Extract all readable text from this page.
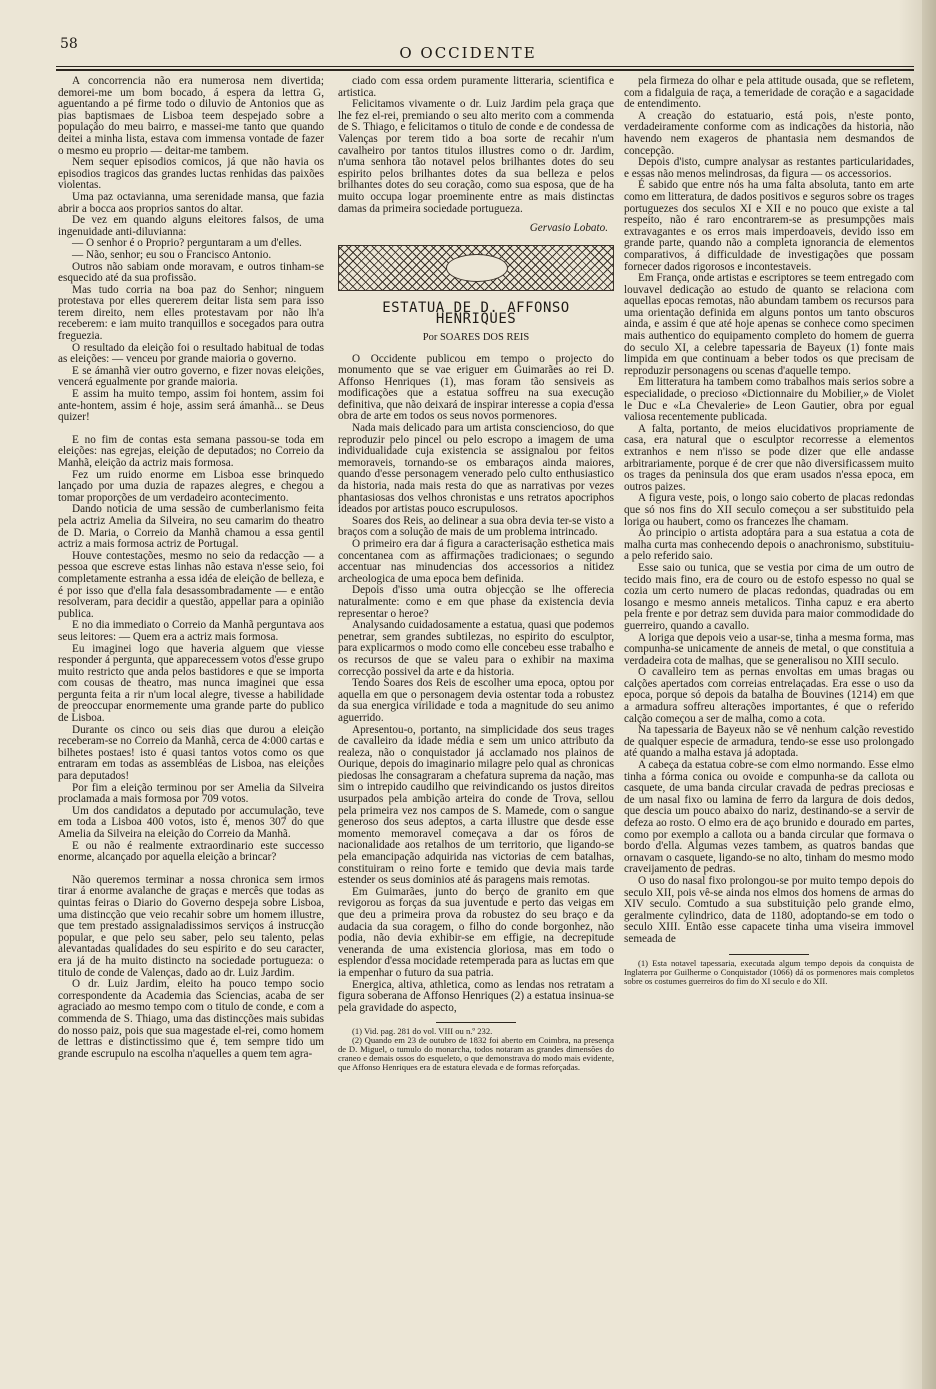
58	O OCCIDENTE

A concorrencia não era numerosa nem divertida; demorei-me um bom bocado, á espera da lettra G, aguentando a pé firme todo o diluvio de Antonios que as pias baptismaes de Lisboa teem despejado sobre a população do meu bairro, e massei-me tanto que quando deitei a minha lista, estava com immensa vontade de fazer o mesmo eu proprio — deitar-me tambem.

Nem sequer episodios comicos, já que não havia os episodios tragicos das grandes luctas renhidas das paixões violentas.

Uma paz octavianna, uma serenidade mansa, que fazia abrir a bocca aos proprios santos do altar.

De vez em quando alguns eleitores falsos, de uma ingenuidade anti-diluvianna:

— O senhor é o Proprio? perguntaram a um d'elles.

— Não, senhor; eu sou o Francisco Antonio.

Outros não sabiam onde moravam, e outros tinham-se esquecido até da sua profissão.

Mas tudo corria na boa paz do Senhor; ninguem protestava por elles quererem deitar lista sem para isso terem direito, nem elles protestavam por não lh'a receberem: e iam muito tranquillos e socegados para outra freguezia.

O resultado da eleição foi o resultado habitual de todas as eleições: — venceu por grande maioria o governo.

E se ámanhã vier outro governo, e fizer novas eleições, vencerá egualmente por grande maioria.

E assim ha muito tempo, assim foi hontem, assim foi ante-hontem, assim é hoje, assim será ámanhã... se Deus quizer!

E no fim de contas esta semana passou-se toda em eleições: nas egrejas, eleição de deputados; no Correio da Manhã, eleição da actriz mais formosa.

Fez um ruido enorme em Lisboa esse brinquedo lançado por uma duzia de rapazes alegres, e chegou a tomar proporções de um verdadeiro acontecimento.

Dando noticia de uma sessão de cumberlanismo feita pela actriz Amelia da Silveira, no seu camarim do theatro de D. Maria, o Correio da Manhã chamou a essa gentil actriz a mais formosa actriz de Portugal.

Houve contestações, mesmo no seio da redacção — a pessoa que escreve estas linhas não estava n'esse seio, foi completamente estranha a essa idéa de eleição de belleza, e é por isso que d'ella fala desassombradamente — e então resolveram, para decidir a questão, appellar para a opinião publica.

E no dia immediato o Correio da Manhã perguntava aos seus leitores: — Quem era a actriz mais formosa.

Eu imaginei logo que haveria alguem que viesse responder á pergunta, que apparecessem votos d'esse grupo muito restricto que anda pelos bastidores e que se importa com cousas de theatro, mas nunca imaginei que essa pergunta feita a rir n'um local alegre, tivesse a habilidade de preoccupar enormemente uma grande parte do publico de Lisboa.

Durante os cinco ou seis dias que durou a eleição receberam-se no Correio da Manhã, cerca de 4:000 cartas e bilhetes postaes! isto é quasi tantos votos como os que entraram em todas as assembléas de Lisboa, nas eleições para deputados!

Por fim a eleição terminou por ser Amelia da Silveira proclamada a mais formosa por 709 votos.

Um dos candidatos a deputado por accumulação, teve em toda a Lisboa 400 votos, isto é, menos 307 do que Amelia da Silveira na eleição do Correio da Manhã.

E ou não é realmente extraordinario este successo enorme, alcançado por aquella eleição a brincar?

Não queremos terminar a nossa chronica sem irmos tirar á enorme avalanche de graças e mercês que todas as quintas feiras o Diario do Governo despeja sobre Lisboa, uma distincção que veio recahir sobre um homem illustre, que tem prestado assignaladissimos serviços á instrucção popular, e que pelo seu saber, pelo seu talento, pelas alevantadas qualidades do seu espirito e do seu caracter, era já de ha muito distincto na sociedade portugueza: o titulo de conde de Valenças, dado ao dr. Luiz Jardim.

O dr. Luiz Jardim, eleito ha pouco tempo socio correspondente da Academia das Sciencias, acaba de ser agraciado ao mesmo tempo com o titulo de conde, e com a commenda de S. Thiago, uma das distincções mais subidas do nosso paiz, pois que sua magestade el-rei, como homem de lettras e distinctissimo que é, tem sempre tido um grande escrupulo na escolha n'aquelles a quem tem agra-

ciado com essa ordem puramente litteraria, scientifica e artistica.

Felicitamos vivamente o dr. Luiz Jardim pela graça que lhe fez el-rei, premiando o seu alto merito com a commenda de S. Thiago, e felicitamos o titulo de conde e de condessa de Valenças por terem tido a boa sorte de recahir n'um cavalheiro por tantos titulos illustres como o dr. Jardim, n'uma senhora tão notavel pelos brilhantes dotes do seu espirito pelos brilhantes dotes da sua belleza e pelos brilhantes dotes do seu coração, como sua esposa, que de ha muito occupa logar proeminente entre as mais distinctas damas da primeira sociedade portugueza.

Gervasio Lobato.
ESTATUA DE D. AFFONSO HENRIQUES
Por SOARES DOS REIS

O Occidente publicou em tempo o projecto do monumento que se vae eriguer em Guimarães ao rei D. Affonso Henriques (1), mas foram tão sensiveis as modificações que a estatua soffreu na sua execução definitiva, que não deixará de inspirar interesse a copia d'essa obra de arte em todos os seus novos pormenores.

Nada mais delicado para um artista consciencioso, do que reproduzir pelo pincel ou pelo escropo a imagem de uma individualidade cuja existencia se assignalou por feitos memoraveis, tornando-se os embaraços ainda maiores, quando d'esse personagem venerado pelo culto enthusiastico da historia, nada mais resta do que as narrativas por vezes phantasiosas dos velhos chronistas e uns retratos apocriphos ideados por artistas pouco escrupulosos.

Soares dos Reis, ao delinear a sua obra devia ter-se visto a braços com a solução de mais de um problema intrincado.

O primeiro era dar á figura a caracterisação esthetica mais concentanea com as affirmações tradicionaes; o segundo accentuar nas minudencias dos accessorios a nitidez archeologica de uma epoca bem definida.

Depois d'isso uma outra objecção se lhe offerecia naturalmente: como e em que phase da existencia devia representar o heroe?

Analysando cuidadosamente a estatua, quasi que podemos penetrar, sem grandes subtilezas, no espirito do esculptor, para explicarmos o modo como elle concebeu esse trabalho e os recursos de que se valeu para o exhibir na maxima correcção possivel da arte e da historia.

Tendo Soares dos Reis de escolher uma epoca, optou por aquella em que o personagem devia ostentar toda a robustez da sua energica virilidade e toda a magnitude do seu animo aguerrido.

Apresentou-o, portanto, na simplicidade dos seus trages de cavalleiro da idade média e sem um unico attributo da realeza, não o conquistador já acclamado nos plainos de Ourique, depois do imaginario milagre pelo qual as chronicas piedosas lhe consagraram a chefatura suprema da nação, mas sim o intrepido caudilho que reivindicando os justos direitos usurpados pela ambição arteira do conde de Trova, sellou pela primeira vez nos campos de S. Mamede, com o sangue generoso dos seus adeptos, a carta illustre que desde esse momento memoravel começava a dar os fóros de nacionalidade aos retalhos de um territorio, que ligando-se pela emancipação adquirida nas victorias de cem batalhas, constituiram o reino forte e temido que devia mais tarde estender os seus dominios até ás paragens mais remotas.

Em Guimarães, junto do berço de granito em que revigorou as forças da sua juventude e perto das veigas em que deu a primeira prova da robustez do seu braço e da audacia da sua coragem, o filho do conde borgonhez, não podia, não devia exhibir-se em effigie, na decrepitude veneranda de uma existencia gloriosa, mas em todo o esplendor d'essa mocidade retemperada para as luctas em que ia empenhar o futuro da sua patria.

Energica, altiva, athletica, como as lendas nos retratam a figura soberana de Affonso Henriques (2) a estatua insinua-se pela gravidade do aspecto,

(1) Vid. pag. 281 do vol. VIII ou n.º 232.

(2) Quando em 23 de outubro de 1832 foi aberto em Coimbra, na presença de D. Miguel, o tumulo do monarcha, todos notaram as grandes dimensões do craneo e demais ossos do esqueleto, o que demonstrava do modo mais evidente, que Affonso Henriques era de estatura elevada e de formas reforçadas.

pela firmeza do olhar e pela attitude ousada, que se refletem, com a fidalguia de raça, a temeridade de coração e a sagacidade de entendimento.

A creação do estatuario, está pois, n'este ponto, verdadeiramente conforme com as indicações da historia, não havendo nem exageros de phantasia nem desmandos de concepção.

Depois d'isto, cumpre analysar as restantes particularidades, e essas não menos melindrosas, da figura — os accessorios.

É sabido que entre nós ha uma falta absoluta, tanto em arte como em litteratura, de dados positivos e seguros sobre os trages portuguezes dos seculos XI e XII e no pouco que existe a tal respeito, não é raro encontrarem-se as presumpções mais extravagantes e os erros mais imperdoaveis, devido isso em grande parte, quando não a completa ignorancia de elementos comparativos, á difficuldade de investigações que possam fornecer dados rigorosos e incontestaveis.

Em França, onde artistas e escriptores se teem entregado com louvavel dedicação ao estudo de quanto se relaciona com aquellas epocas remotas, não abundam tambem os recursos para uma orientação definida em alguns pontos um tanto obscuros ainda, e assim é que até hoje apenas se conhece como specimen mais authentico do equipamento completo do homem de guerra do seculo XI, a celebre tapessaria de Bayeux (1) fonte mais limpida em que continuam a beber todos os que precisam de reproduzir personagens ou scenas d'aquelle tempo.

Em litteratura ha tambem como trabalhos mais serios sobre a especialidade, o precioso «Dictionnaire du Mobilier,» de Violet le Duc e «La Chevalerie» de Leon Gautier, obra por egual valiosa recentemente publicada.

A falta, portanto, de meios elucidativos propriamente de casa, era natural que o esculptor recorresse a elementos extranhos e nem n'isso se pode dizer que elle andasse arbitrariamente, porque é de crer que não diversificassem muito os trages da peninsula dos que eram usados n'essa epoca, em outros paizes.

A figura veste, pois, o longo saio coberto de placas redondas que só nos fins do XII seculo começou a ser substituido pela loriga ou haubert, como os francezes lhe chamam.

Ao principio o artista adoptára para a sua estatua a cota de malha curta mas conhecendo depois o anachronismo, substituiu-a pelo referido saio.

Esse saio ou tunica, que se vestia por cima de um outro de tecido mais fino, era de couro ou de estofo espesso no qual se cozia um certo numero de placas redondas, quadradas ou em losango e mesmo anneis metalicos. Tinha capuz e era aberto pela frente e por detraz sem duvida para maior commodidade do guerreiro, quando a cavallo.

A loriga que depois veio a usar-se, tinha a mesma forma, mas compunha-se unicamente de anneis de metal, o que constituia a verdadeira cota de malhas, que se generalisou no XIII seculo.

O cavalleiro tem as pernas envoltas em umas bragas ou calções apertados com correias entrelaçadas. Era esse o uso da epoca, porque só depois da batalha de Bouvines (1214) em que a armadura soffreu alterações importantes, é que o referido calção começou a ser de malha, como a cota.

Na tapessaria de Bayeux não se vê nenhum calção revestido de qualquer especie de armadura, tendo-se esse uso prolongado até quando a malha estava já adoptada.

A cabeça da estatua cobre-se com elmo normando. Esse elmo tinha a fórma conica ou ovoide e compunha-se da callota ou casquete, de uma banda circular cravada de pedras preciosas e de um nasal fixo ou lamina de ferro da largura de dois dedos, que descia um pouco abaixo do nariz, destinando-se a servir de defeza ao rosto. O elmo era de aço brunido e dourado em partes, como por exemplo a callota ou a banda circular que formava o bordo d'ella. Algumas vezes tambem, as quatros bandas que ornavam o casquete, ligando-se no alto, tinham do mesmo modo craveijamento de pedras.

O uso do nasal fixo prolongou-se por muito tempo depois do seculo XII, pois vê-se ainda nos elmos dos homens de armas do XIV seculo. Comtudo a sua substituição pelo grande elmo, geralmente cylindrico, data de 1180, adoptando-se em todo o seculo XIII. Então esse capacete tinha uma viseira immovel semeada de

(1) Esta notavel tapessaria, executada algum tempo depois da conquista de Inglaterra por Guilherme o Conquistador (1066) dá os pormenores mais completos sobre os costumes guerreiros do fim do XI seculo e do XII.
